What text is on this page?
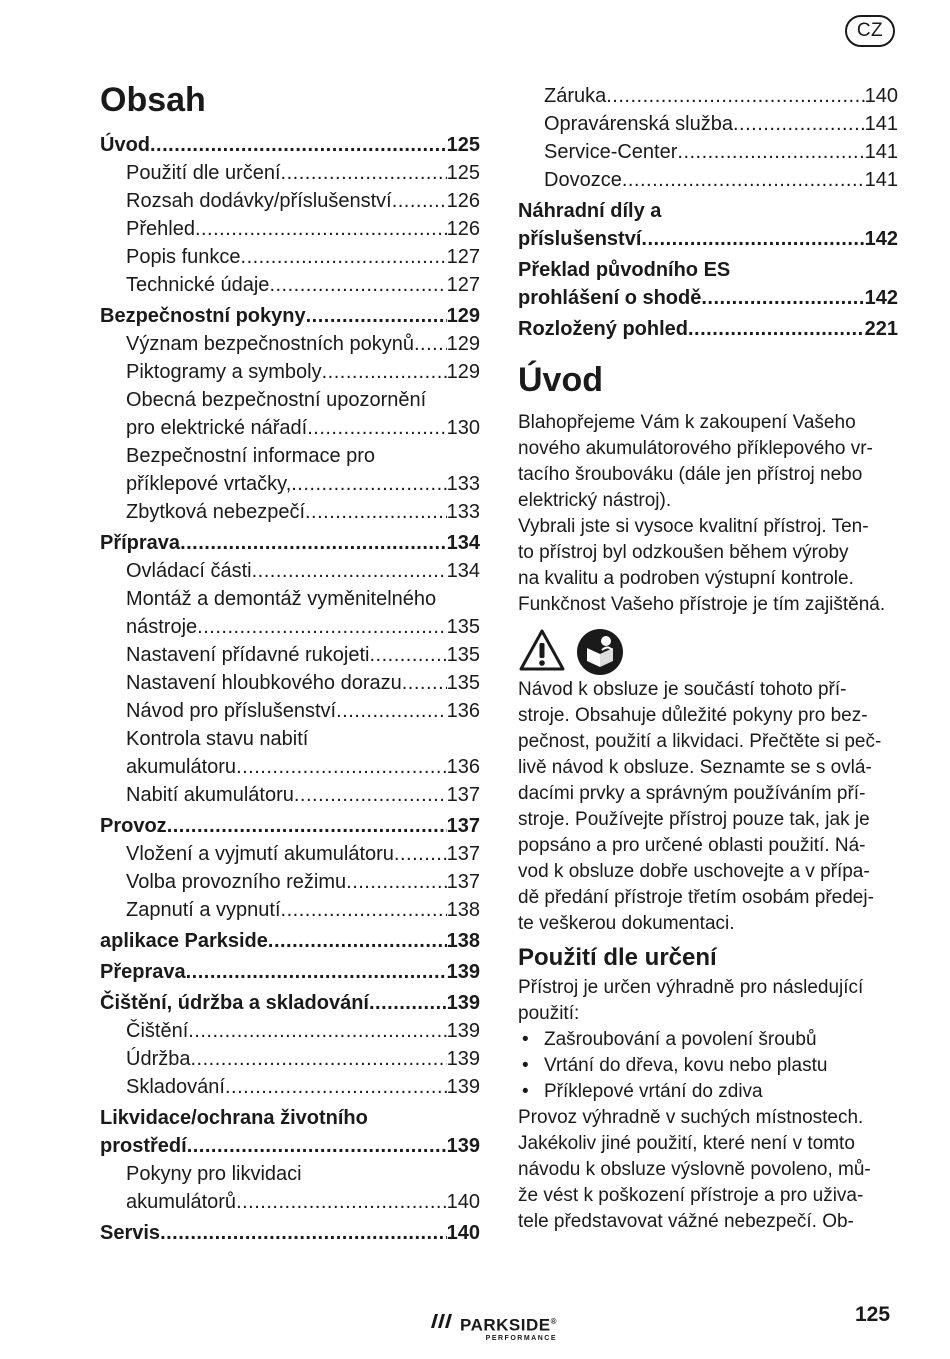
CZ
Obsah
Úvod .....	125
Použití dle určení .....	125
Rozsah dodávky/příslušenství .....	126
Přehled .....	126
Popis funkce .....	127
Technické údaje .....	127
Bezpečnostní pokyny .....	129
Význam bezpečnostních pokynů ..... 129
Piktogramy a symboly .....	129
Obecná bezpečnostní upozornění
pro elektrické nářadí .....	130
Bezpečnostní informace pro
příklepové vrtačky, .....	133
Zbytková nebezpečí .....	133
Příprava .....	134
Ovládací části .....	134
Montáž a demontáž vyměnitelného
nástroje .....	135
Nastavení přídavné rukojeti .....	135
Nastavení hloubkového dorazu ..... 135
Návod pro příslušenství .....	136
Kontrola stavu nabití
akumulátoru .....	136
Nabití akumulátoru .....	137
Provoz .....	137
Vložení a vyjmutí akumulátoru .....	137
Volba provozního režimu .....	137
Zapnutí a vypnutí .....	138
aplikace Parkside .....	138
Přeprava .....	139
Čištění, údržba a skladování .....	139
Čištění .....	139
Údržba .....	139
Skladování .....	139
Likvidace/ochrana životního
prostředí .....	139
Pokyny pro likvidaci
akumulátorů .....	140
Servis .....	140
Záruka .....	140
Opravárenská služba .....	141
Service-Center .....	141
Dovozce .....	141
Náhradní díly a
příslušenství .....	142
Překlad původního ES
prohlášení o shodě .....	142
Rozložený pohled .....	221
Úvod

Blahopřejeme Vám k zakoupení Vašeho
nového akumulátorového příklepového vr-
tacího šroubováku (dále jen přístroj nebo
elektrický nástroj).

Vybrali jste si vysoce kvalitní přístroj. Ten-
to přístroj byl odzkoušen během výroby
na kvalitu a podroben výstupní kontrole.
Funkčnost Vašeho přístroje je tím zajištěná.

Návod k obsluze je součástí tohoto pří-
stroje. Obsahuje důležité pokyny pro bez-
pečnost, použití a likvidaci. Přečtěte si peč-
livě návod k obsluze. Seznamte se s ovlá-
dacími prvky a správným používáním pří-
stroje. Používejte přístroj pouze tak, jak je
popsáno a pro určené oblasti použití. Ná-
vod k obsluze dobře uschovejte a v přípa-
dě předání přístroje třetím osobám předej-
te veškerou dokumentaci.

Použití dle určení

Přístroj je určen výhradně pro následující
použití:

• Zašroubování a povolení šroubů
• Vrtání do dřeva, kovu nebo plastu
• Příklepové vrtání do zdiva

Provoz výhradně v suchých místnostech.
Jakékoliv jiné použití, které není v tomto
návodu k obsluze výslovně povoleno, mů-
že vést k poškození přístroje a pro uživa-
tele představovat vážné nebezpečí. Ob-

PARKSIDE®
PERFORMANCE
125
